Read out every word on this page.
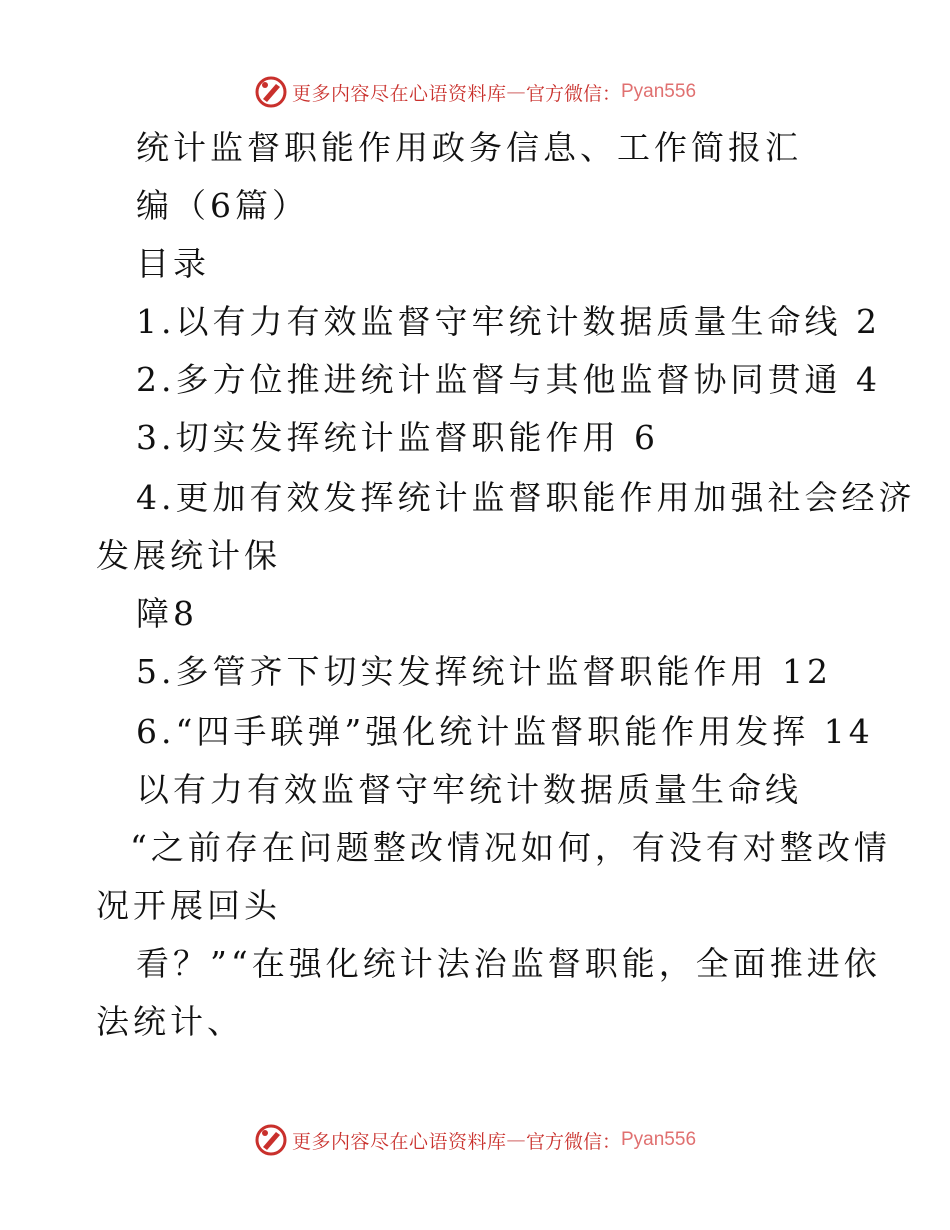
更多内容尽在心语资料库 — 官方微信： Pyan556
统计监督职能作用政务信息、工作简报汇
编（6篇）
目录
1.以有力有效监督守牢统计数据质量生命线 2
2.多方位推进统计监督与其他监督协同贯通 4
3.切实发挥统计监督职能作用 6
4.更加有效发挥统计监督职能作用加强社会经济
发展统计保
障8
5.多管齐下切实发挥统计监督职能作用 12
6.“四手联弹”强化统计监督职能作用发挥 14
以有力有效监督守牢统计数据质量生命线
“之前存在问题整改情况如何，有没有对整改情
况开展回头
看？”“在强化统计法治监督职能，全面推进依
法统计、
更多内容尽在心语资料库 — 官方微信： Pyan556
